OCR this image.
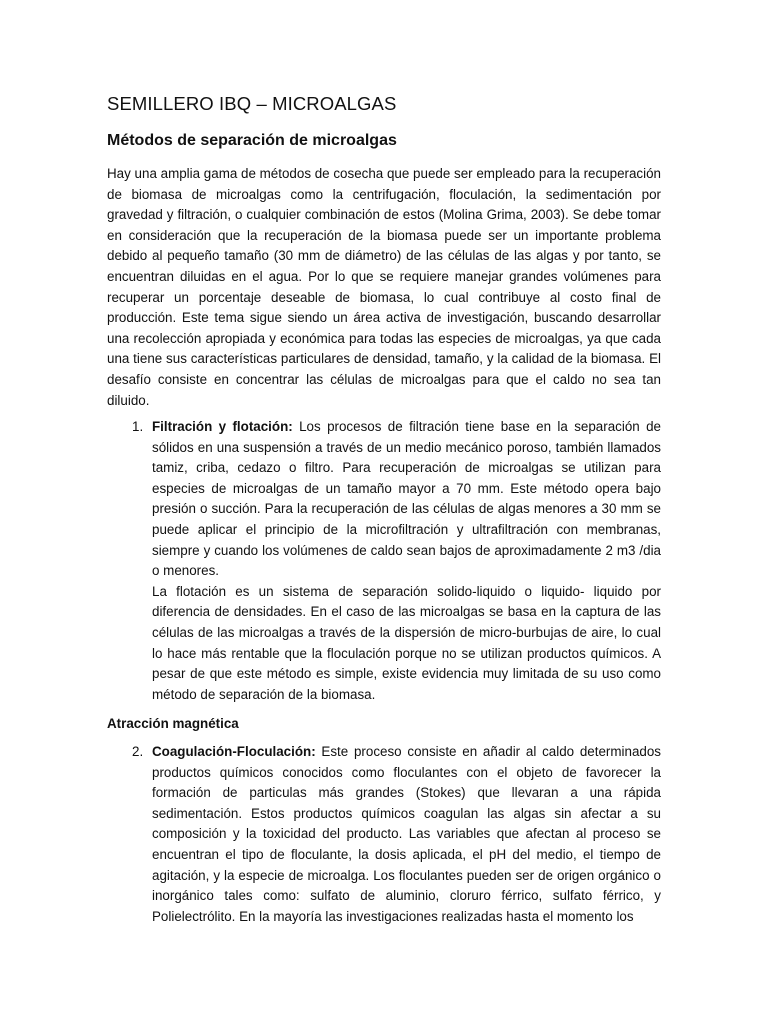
SEMILLERO IBQ – MICROALGAS
Métodos de separación de microalgas

Hay una amplia gama de métodos de cosecha que puede ser empleado para la recuperación de biomasa de microalgas como la centrifugación, floculación, la sedimentación por gravedad y filtración, o cualquier combinación de estos (Molina Grima, 2003). Se debe tomar en consideración que la recuperación de la biomasa puede ser un importante problema debido al pequeño tamaño (30 mm de diámetro) de las células de las algas y por tanto, se encuentran diluidas en el agua. Por lo que se requiere manejar grandes volúmenes para recuperar un porcentaje deseable de biomasa, lo cual contribuye al costo final de producción. Este tema sigue siendo un área activa de investigación, buscando desarrollar una recolección apropiada y económica para todas las especies de microalgas, ya que cada una tiene sus características particulares de densidad, tamaño, y la calidad de la biomasa. El desafío consiste en concentrar las células de microalgas para que el caldo no sea tan diluido.

1. Filtración y flotación: Los procesos de filtración tiene base en la separación de sólidos en una suspensión a través de un medio mecánico poroso, también llamados tamiz, criba, cedazo o filtro. Para recuperación de microalgas se utilizan para especies de microalgas de un tamaño mayor a 70 mm. Este método opera bajo presión o succión. Para la recuperación de las células de algas menores a 30 mm se puede aplicar el principio de la microfiltración y ultrafiltración con membranas, siempre y cuando los volúmenes de caldo sean bajos de aproximadamente 2 m3 /dia o menores.

La flotación es un sistema de separación solido-liquido o liquido- liquido por diferencia de densidades. En el caso de las microalgas se basa en la captura de las células de las microalgas a través de la dispersión de micro-burbujas de aire, lo cual lo hace más rentable que la floculación porque no se utilizan productos químicos. A pesar de que este método es simple, existe evidencia muy limitada de su uso como método de separación de la biomasa.

Atracción magnética

2. Coagulación-Floculación: Este proceso consiste en añadir al caldo determinados productos químicos conocidos como floculantes con el objeto de favorecer la formación de particulas más grandes (Stokes) que llevaran a una rápida sedimentación. Estos productos químicos coagulan las algas sin afectar a su composición y la toxicidad del producto. Las variables que afectan al proceso se encuentran el tipo de floculante, la dosis aplicada, el pH del medio, el tiempo de agitación, y la especie de microalga. Los floculantes pueden ser de origen orgánico o inorgánico tales como: sulfato de aluminio, cloruro férrico, sulfato férrico, y Polielectrólito. En la mayoría las investigaciones realizadas hasta el momento los
